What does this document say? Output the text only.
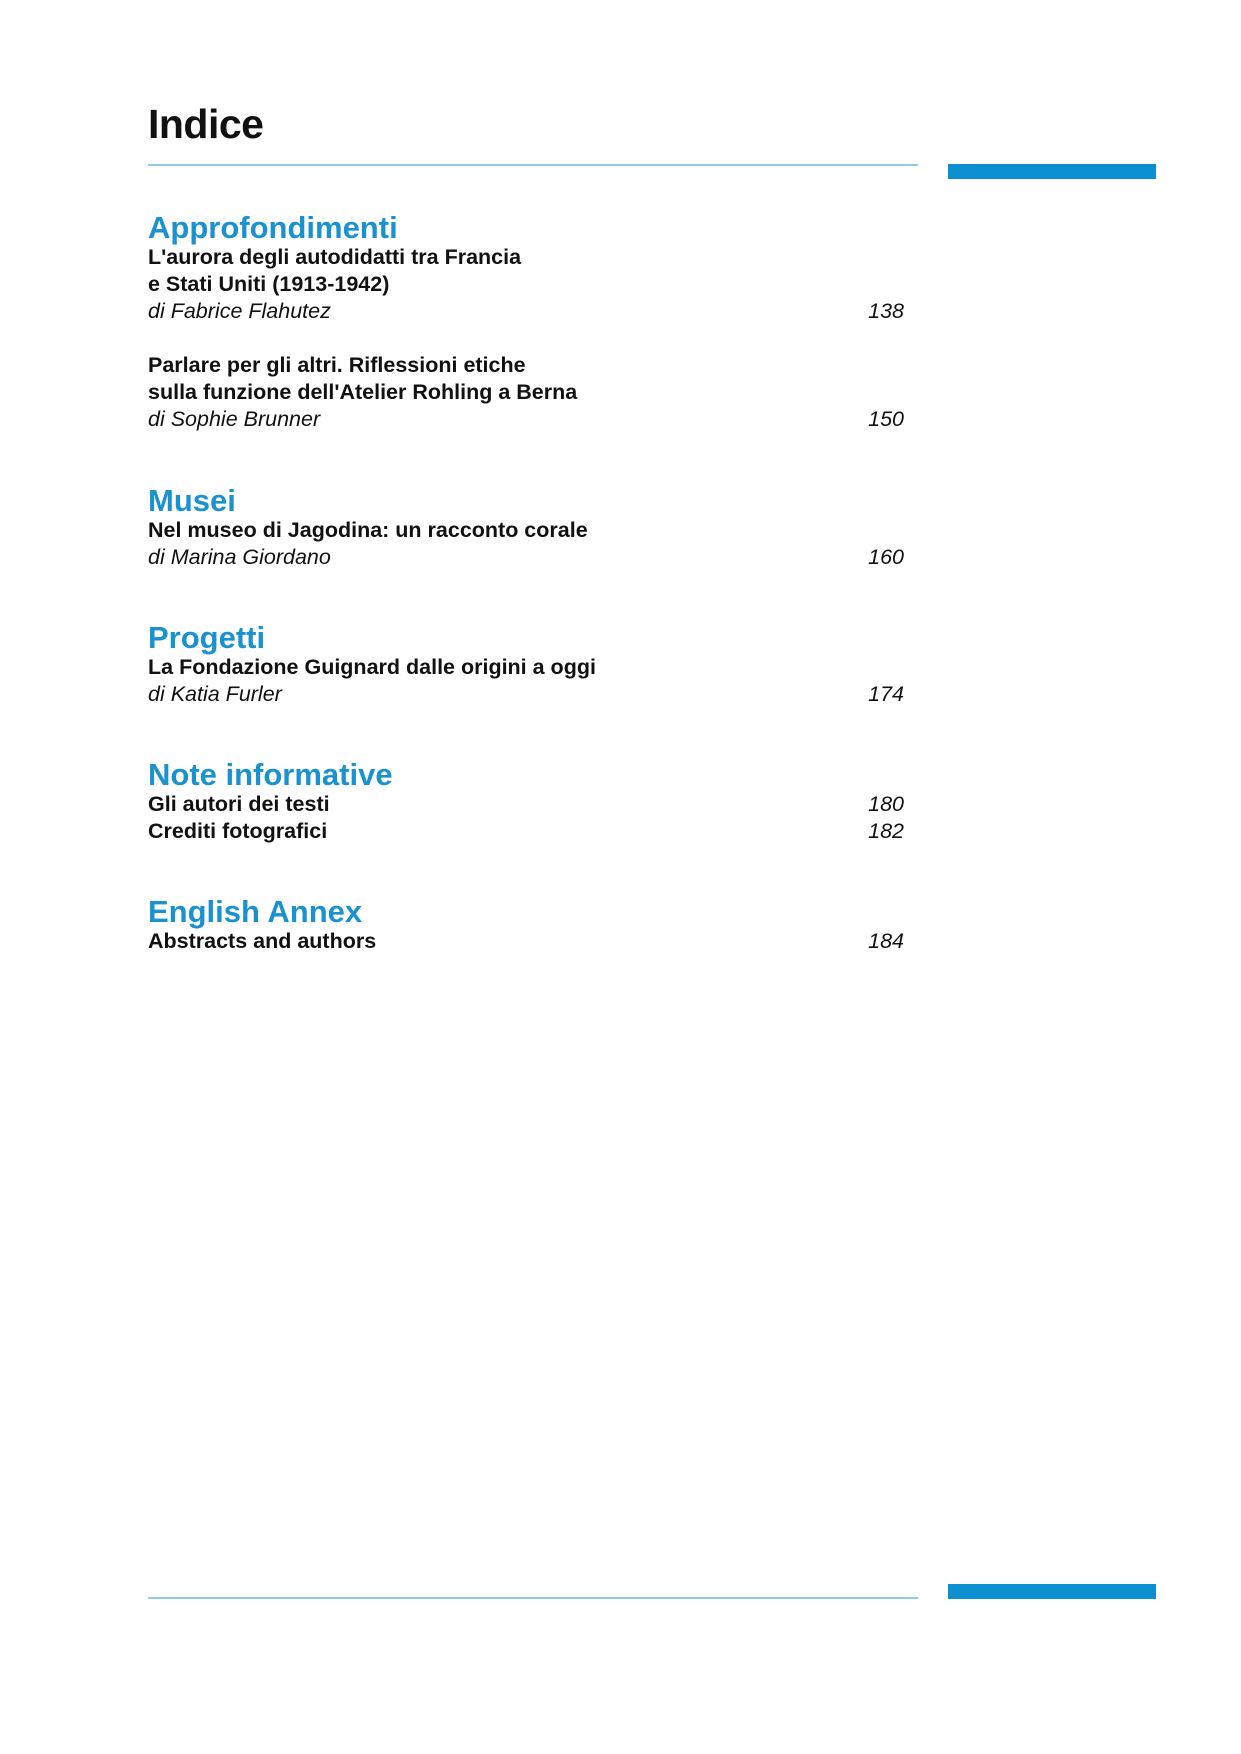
Indice
Approfondimenti
L'aurora degli autodidatti tra Francia
e Stati Uniti (1913-1942)
di Fabrice Flahutez	138
Parlare per gli altri. Riflessioni etiche
sulla funzione dell'Atelier Rohling a Berna
di Sophie Brunner	150
Musei
Nel museo di Jagodina: un racconto corale
di Marina Giordano	160
Progetti
La Fondazione Guignard dalle origini a oggi
di Katia Furler	174
Note informative
Gli autori dei testi	180
Crediti fotografici	182
English Annex
Abstracts and authors	184
